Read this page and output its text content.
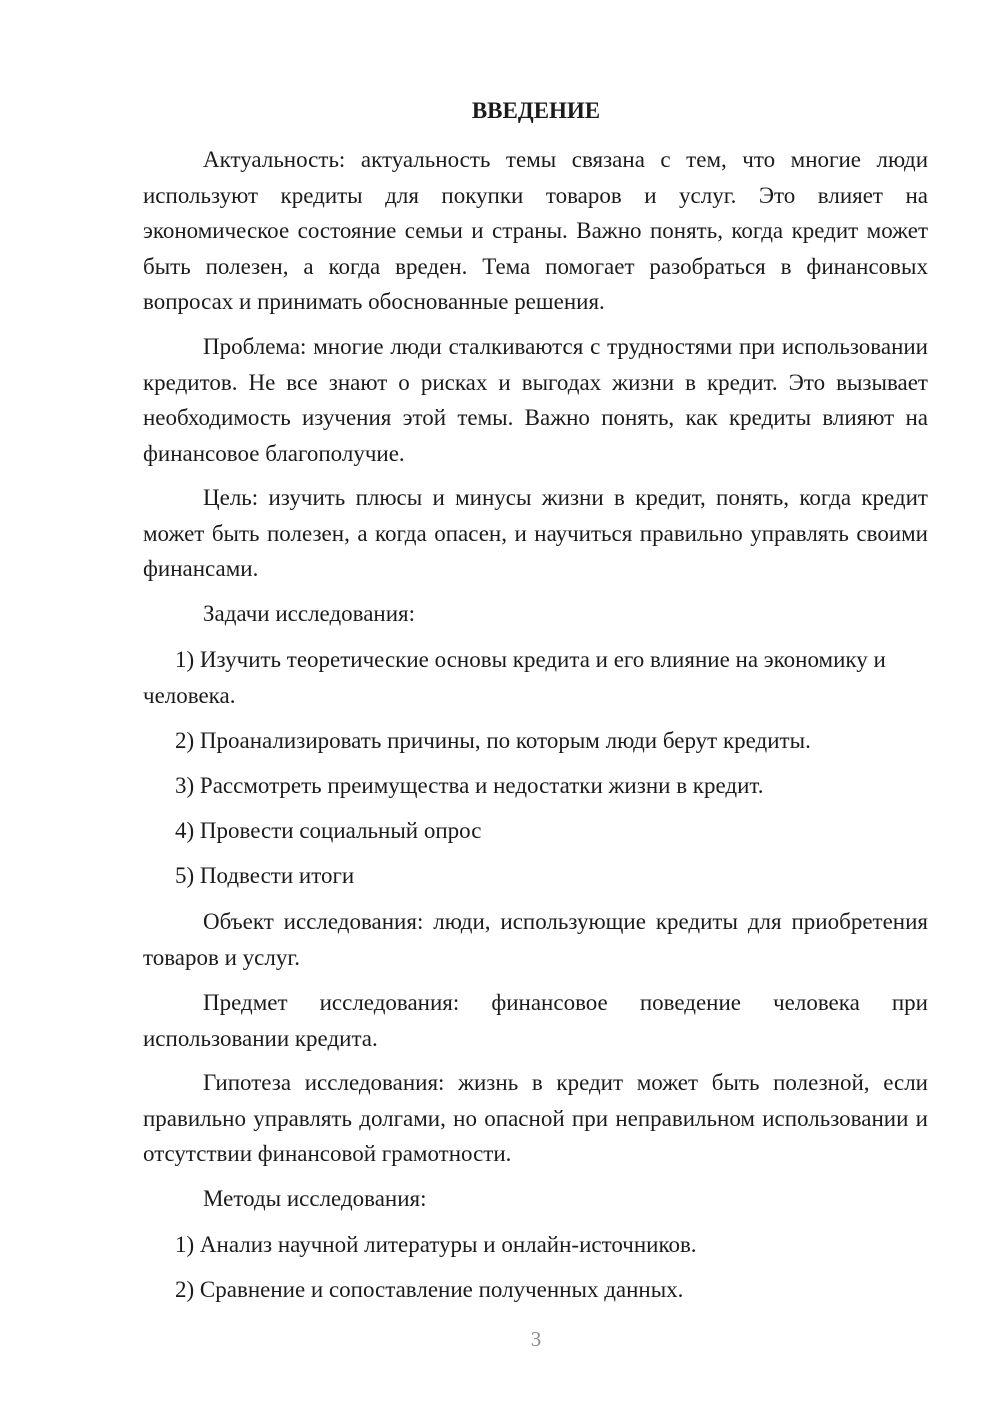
ВВЕДЕНИЕ

Актуальность: актуальность темы связана с тем, что многие люди используют кредиты для покупки товаров и услуг. Это влияет на экономическое состояние семьи и страны. Важно понять, когда кредит может быть полезен, а когда вреден. Тема помогает разобраться в финансовых вопросах и принимать обоснованные решения.

Проблема: многие люди сталкиваются с трудностями при использовании кредитов. Не все знают о рисках и выгодах жизни в кредит. Это вызывает необходимость изучения этой темы. Важно понять, как кредиты влияют на финансовое благополучие.

Цель: изучить плюсы и минусы жизни в кредит, понять, когда кредит может быть полезен, а когда опасен, и научиться правильно управлять своими финансами.

Задачи исследования:

1) Изучить теоретические основы кредита и его влияние на экономику и человека.

2) Проанализировать причины, по которым люди берут кредиты.

3) Рассмотреть преимущества и недостатки жизни в кредит.

4) Провести социальный опрос

5) Подвести итоги

Объект исследования: люди, использующие кредиты для приобретения товаров и услуг.

Предмет исследования: финансовое поведение человека при использовании кредита.

Гипотеза исследования: жизнь в кредит может быть полезной, если правильно управлять долгами, но опасной при неправильном использовании и отсутствии финансовой грамотности.

Методы исследования:

1) Анализ научной литературы и онлайн-источников.

2) Сравнение и сопоставление полученных данных.

3
